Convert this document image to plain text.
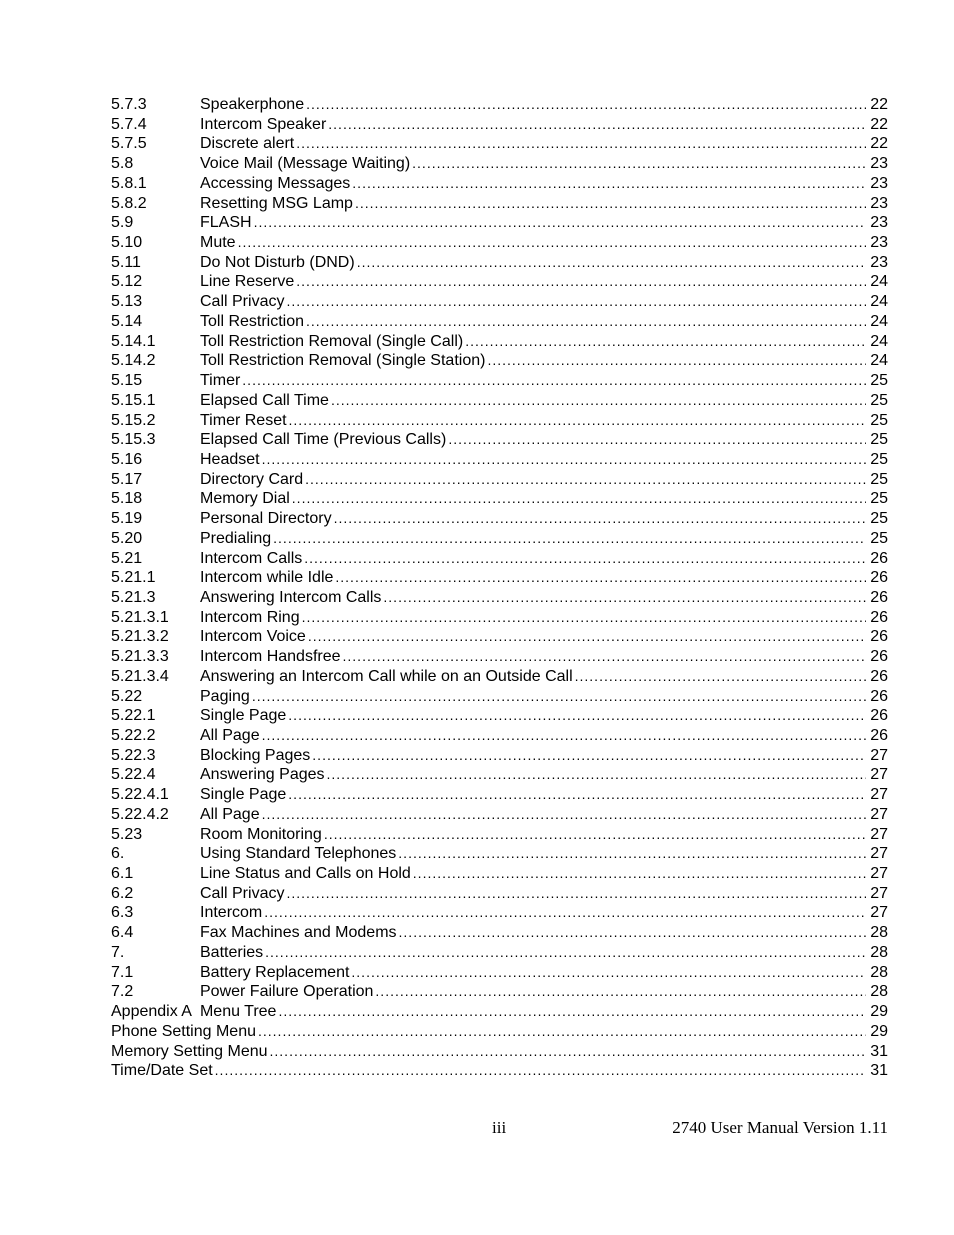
5.7.3	Speakerphone .....	22
5.7.4	Intercom Speaker .....	22
5.7.5	Discrete alert .....	22
5.8	Voice Mail (Message Waiting) .....	23
5.8.1	Accessing Messages .....	23
5.8.2	Resetting MSG Lamp .....	23
5.9	FLASH .....	23
5.10	Mute .....	23
5.11	Do Not Disturb (DND) .....	23
5.12	Line Reserve .....	24
5.13	Call Privacy .....	24
5.14	Toll Restriction .....	24
5.14.1	Toll Restriction Removal (Single Call) .....	24
5.14.2	Toll Restriction Removal (Single Station) .....	24
5.15	Timer .....	25
5.15.1	Elapsed Call Time .....	25
5.15.2	Timer Reset .....	25
5.15.3	Elapsed Call Time (Previous Calls) .....	25
5.16	Headset .....	25
5.17	Directory Card .....	25
5.18	Memory Dial .....	25
5.19	Personal Directory .....	25
5.20	Predialing .....	25
5.21	Intercom Calls .....	26
5.21.1	Intercom while Idle .....	26
5.21.3	Answering Intercom Calls .....	26
5.21.3.1	Intercom Ring .....	26
5.21.3.2	Intercom Voice .....	26
5.21.3.3	Intercom Handsfree .....	26
5.21.3.4	Answering an Intercom Call while on an Outside Call .....	26
5.22	Paging .....	26
5.22.1	Single Page .....	26
5.22.2	All Page .....	26
5.22.3	Blocking Pages .....	27
5.22.4	Answering Pages .....	27
5.22.4.1	Single Page .....	27
5.22.4.2	All Page .....	27
5.23	Room Monitoring .....	27
6.	Using Standard Telephones .....	27
6.1	Line Status and Calls on Hold .....	27
6.2	Call Privacy .....	27
6.3	Intercom .....	27
6.4	Fax Machines and Modems .....	28
7.	Batteries .....	28
7.1	Battery Replacement .....	28
7.2	Power Failure Operation .....	28
Appendix A  Menu Tree .....	29
Phone Setting Menu .....	29
Memory Setting Menu .....	31
Time/Date Set .....	31
iii	2740 User Manual Version 1.11
